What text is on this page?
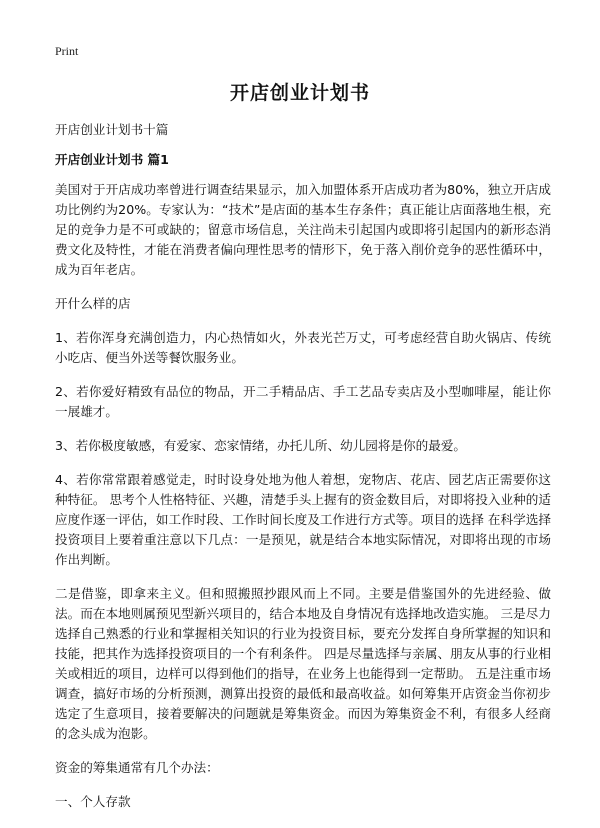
Print
开店创业计划书

开店创业计划书十篇

开店创业计划书 篇1

美国对于开店成功率曾进行调查结果显示，加入加盟体系开店成功者为80%，独立开店成功比例约为20%。专家认为：“技术”是店面的基本生存条件；真正能让店面落地生根，充足的竞争力是不可或缺的；留意市场信息，关注尚未引起国内或即将引起国内的新形态消费文化及特性，才能在消费者偏向理性思考的情形下，免于落入削价竞争的恶性循环中，成为百年老店。

开什么样的店

1、若你浑身充满创造力，内心热情如火，外表光芒万丈，可考虑经营自助火锅店、传统小吃店、便当外送等餐饮服务业。

2、若你爱好精致有品位的物品，开二手精品店、手工艺品专卖店及小型咖啡屋，能让你一展雄才。

3、若你极度敏感，有爱家、恋家情绪，办托儿所、幼儿园将是你的最爱。

4、若你常常跟着感觉走，时时设身处地为他人着想，宠物店、花店、园艺店正需要你这种特征。 思考个人性格特征、兴趣，清楚手头上握有的资金数目后，对即将投入业种的适应度作逐一评估，如工作时段、工作时间长度及工作进行方式等。项目的选择 在科学选择投资项目上要着重注意以下几点：一是预见，就是结合本地实际情况，对即将出现的市场作出判断。

二是借鉴，即拿来主义。但和照搬照抄跟风而上不同。主要是借鉴国外的先进经验、做法。而在本地则属预见型新兴项目的，结合本地及自身情况有选择地改造实施。 三是尽力选择自己熟悉的行业和掌握相关知识的行业为投资目标，要充分发挥自身所掌握的知识和技能，把其作为选择投资项目的一个有利条件。 四是尽量选择与亲属、朋友从事的行业相关或相近的项目，边样可以得到他们的指导，在业务上也能得到一定帮助。 五是注重市场调查，搞好市场的分析预测，测算出投资的最低和最高收益。如何筹集开店资金当你初步选定了生意项目，接着要解决的问题就是筹集资金。而因为筹集资金不利，有很多人经商的念头成为泡影。

资金的筹集通常有几个办法：

一、个人存款
